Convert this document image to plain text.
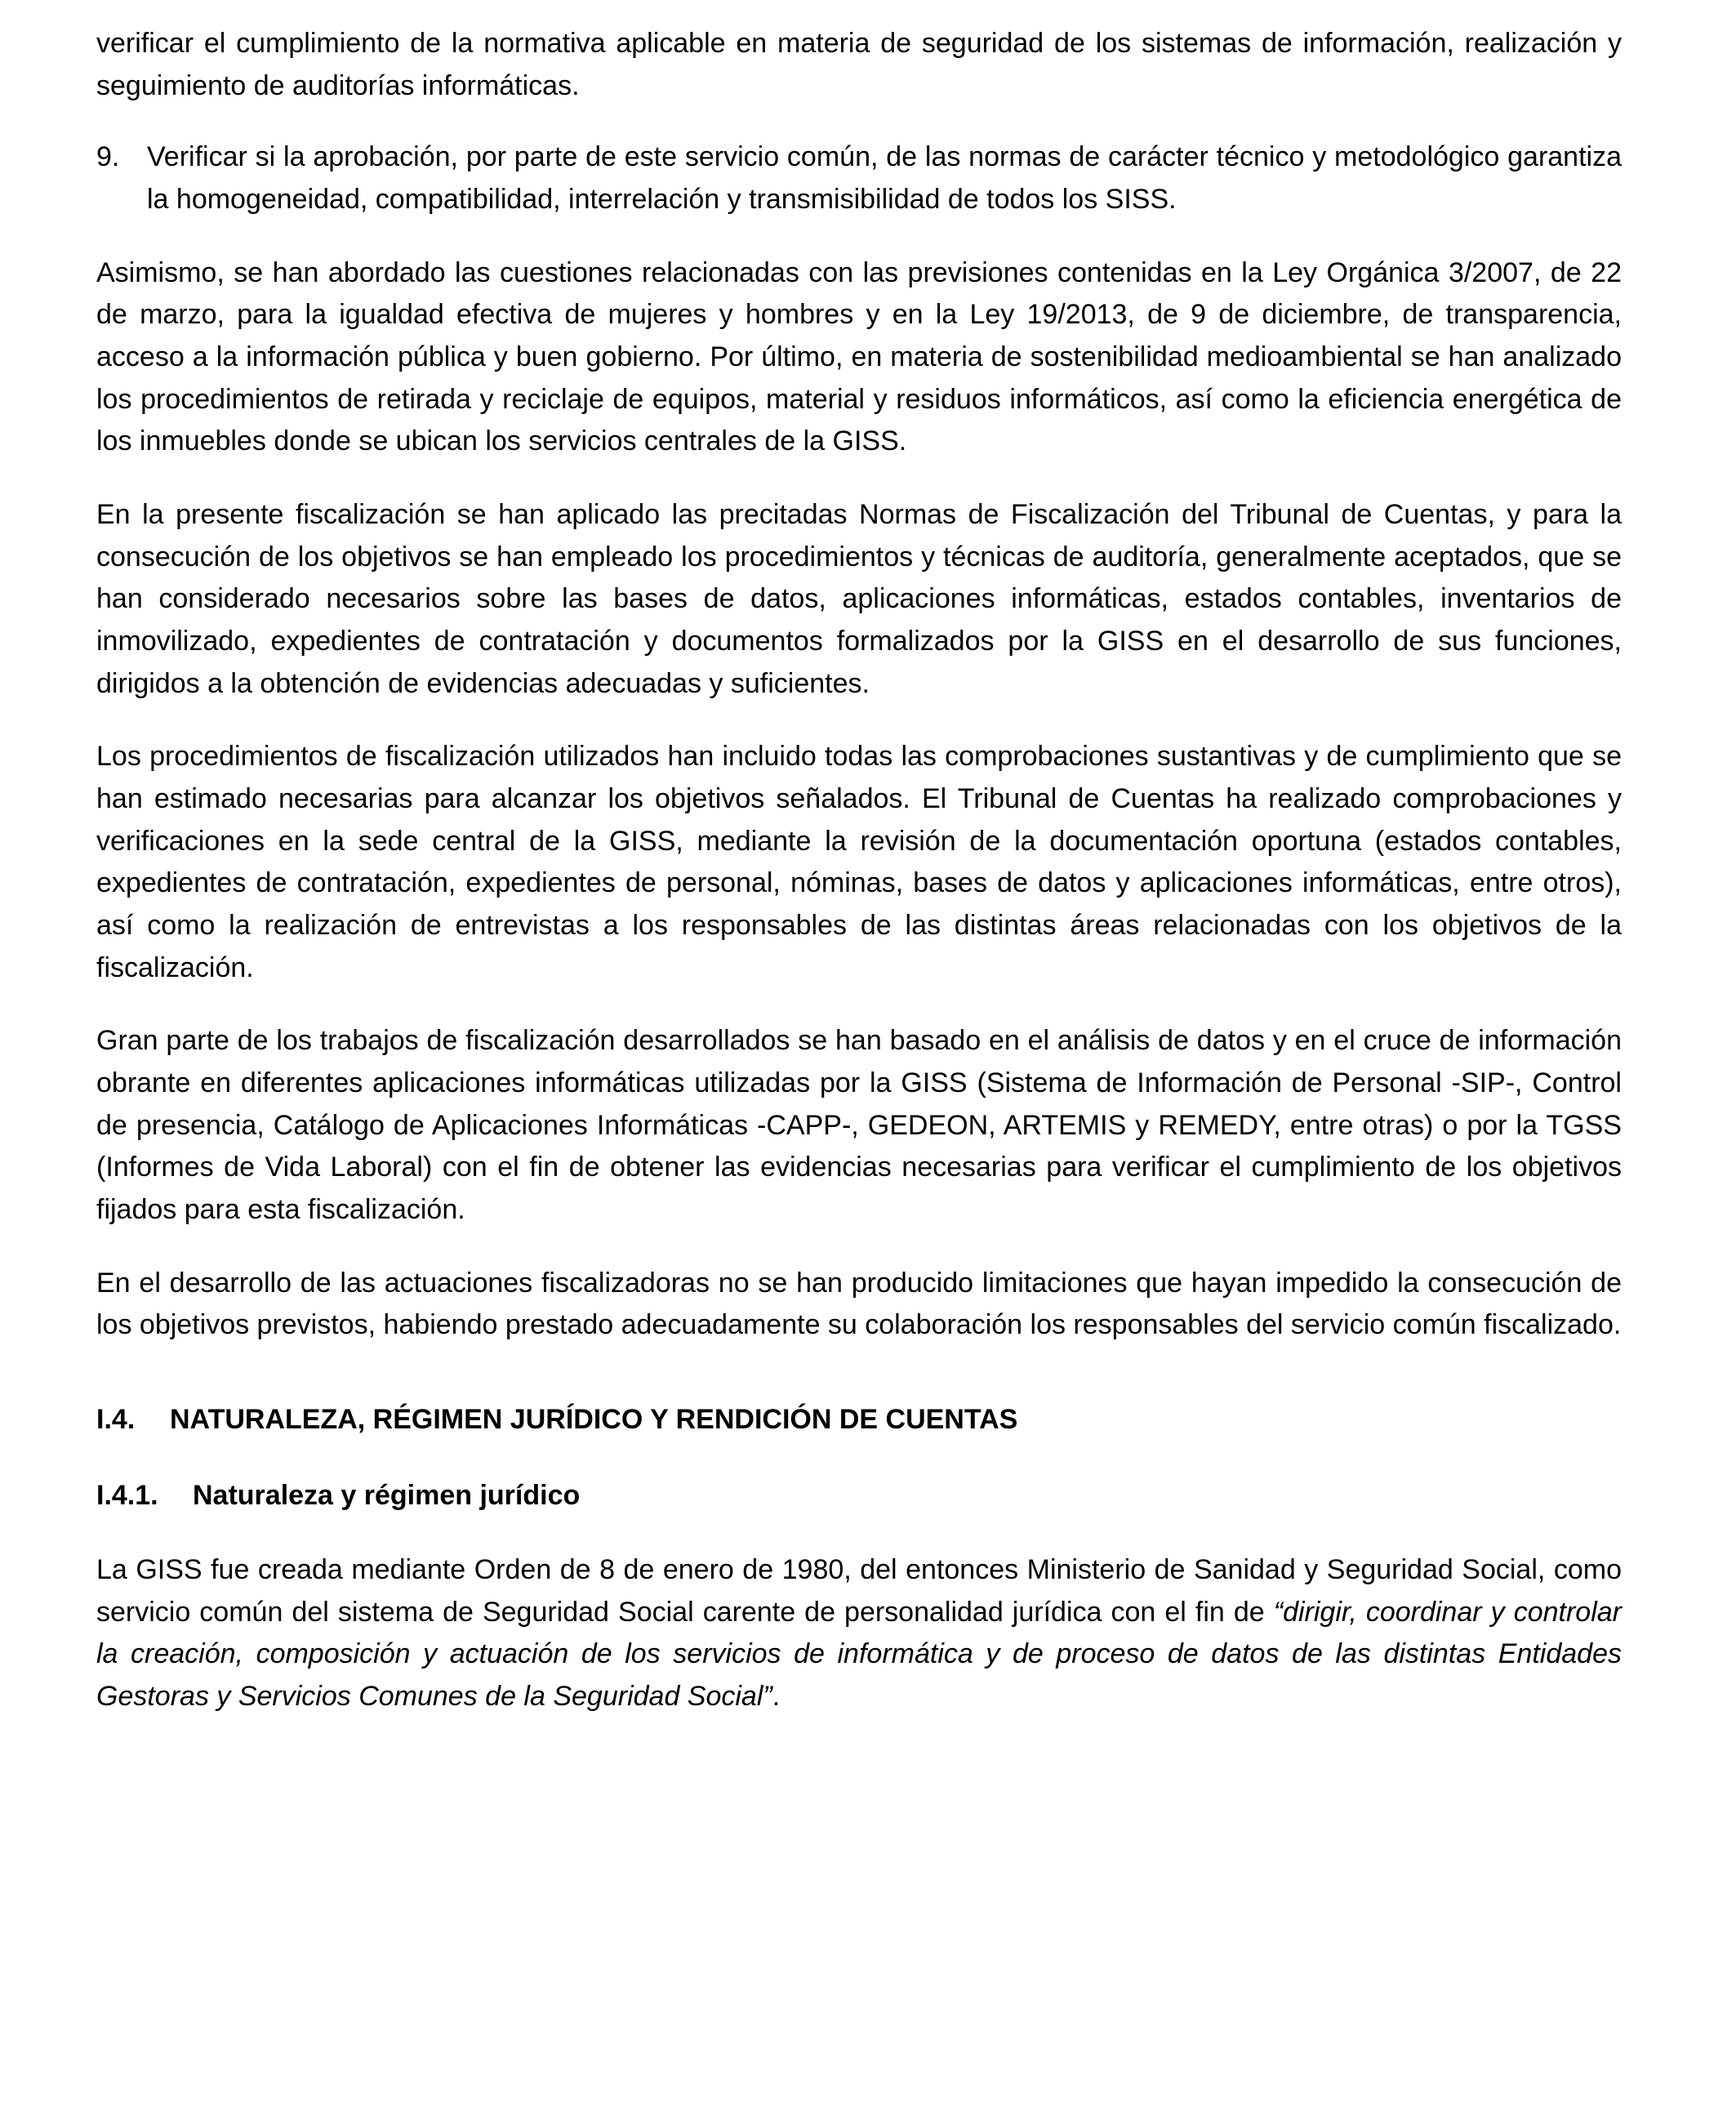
verificar el cumplimiento de la normativa aplicable en materia de seguridad de los sistemas de información, realización y seguimiento de auditorías informáticas.

9. Verificar si la aprobación, por parte de este servicio común, de las normas de carácter técnico y metodológico garantiza la homogeneidad, compatibilidad, interrelación y transmisibilidad de todos los SISS.

Asimismo, se han abordado las cuestiones relacionadas con las previsiones contenidas en la Ley Orgánica 3/2007, de 22 de marzo, para la igualdad efectiva de mujeres y hombres y en la Ley 19/2013, de 9 de diciembre, de transparencia, acceso a la información pública y buen gobierno. Por último, en materia de sostenibilidad medioambiental se han analizado los procedimientos de retirada y reciclaje de equipos, material y residuos informáticos, así como la eficiencia energética de los inmuebles donde se ubican los servicios centrales de la GISS.

En la presente fiscalización se han aplicado las precitadas Normas de Fiscalización del Tribunal de Cuentas, y para la consecución de los objetivos se han empleado los procedimientos y técnicas de auditoría, generalmente aceptados, que se han considerado necesarios sobre las bases de datos, aplicaciones informáticas, estados contables, inventarios de inmovilizado, expedientes de contratación y documentos formalizados por la GISS en el desarrollo de sus funciones, dirigidos a la obtención de evidencias adecuadas y suficientes.

Los procedimientos de fiscalización utilizados han incluido todas las comprobaciones sustantivas y de cumplimiento que se han estimado necesarias para alcanzar los objetivos señalados. El Tribunal de Cuentas ha realizado comprobaciones y verificaciones en la sede central de la GISS, mediante la revisión de la documentación oportuna (estados contables, expedientes de contratación, expedientes de personal, nóminas, bases de datos y aplicaciones informáticas, entre otros), así como la realización de entrevistas a los responsables de las distintas áreas relacionadas con los objetivos de la fiscalización.

Gran parte de los trabajos de fiscalización desarrollados se han basado en el análisis de datos y en el cruce de información obrante en diferentes aplicaciones informáticas utilizadas por la GISS (Sistema de Información de Personal -SIP-, Control de presencia, Catálogo de Aplicaciones Informáticas -CAPP-, GEDEON, ARTEMIS y REMEDY, entre otras) o por la TGSS (Informes de Vida Laboral) con el fin de obtener las evidencias necesarias para verificar el cumplimiento de los objetivos fijados para esta fiscalización.

En el desarrollo de las actuaciones fiscalizadoras no se han producido limitaciones que hayan impedido la consecución de los objetivos previstos, habiendo prestado adecuadamente su colaboración los responsables del servicio común fiscalizado.

I.4.	NATURALEZA, RÉGIMEN JURÍDICO Y RENDICIÓN DE CUENTAS
I.4.1.	Naturaleza y régimen jurídico

La GISS fue creada mediante Orden de 8 de enero de 1980, del entonces Ministerio de Sanidad y Seguridad Social, como servicio común del sistema de Seguridad Social carente de personalidad jurídica con el fin de “dirigir, coordinar y controlar la creación, composición y actuación de los servicios de informática y de proceso de datos de las distintas Entidades Gestoras y Servicios Comunes de la Seguridad Social”.
